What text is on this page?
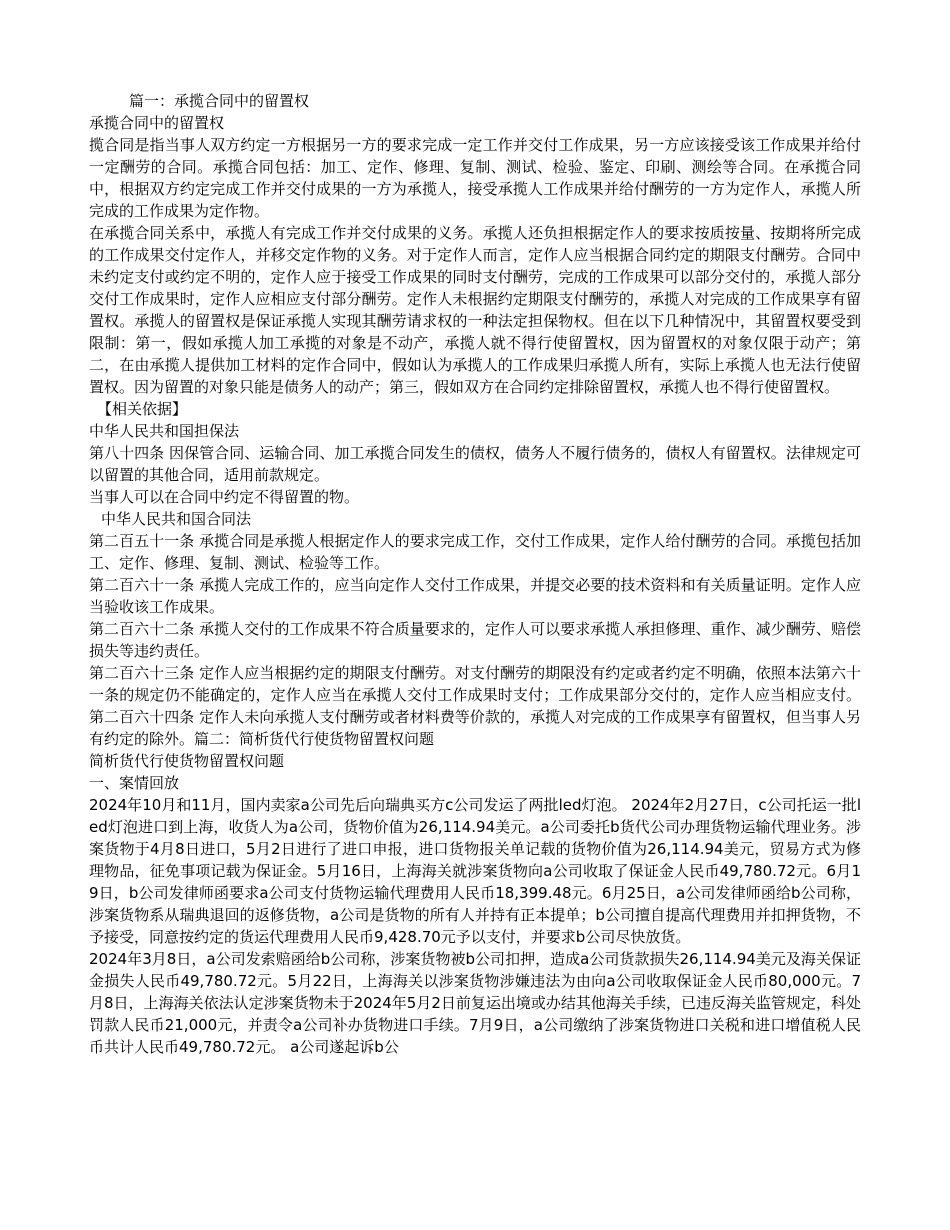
篇一：承揽合同中的留置权

承揽合同中的留置权

揽合同是指当事人双方约定一方根据另一方的要求完成一定工作并交付工作成果，另一方应该接受该工作成果并给付一定酬劳的合同。承揽合同包括：加工、定作、修理、复制、测试、检验、鉴定、印刷、测绘等合同。在承揽合同中，根据双方约定完成工作并交付成果的一方为承揽人，接受承揽人工作成果并给付酬劳的一方为定作人，承揽人所完成的工作成果为定作物。

在承揽合同关系中，承揽人有完成工作并交付成果的义务。承揽人还负担根据定作人的要求按质按量、按期将所完成的工作成果交付定作人，并移交定作物的义务。对于定作人而言，定作人应当根据合同约定的期限支付酬劳。合同中未约定支付或约定不明的，定作人应于接受工作成果的同时支付酬劳，完成的工作成果可以部分交付的，承揽人部分交付工作成果时，定作人应相应支付部分酬劳。定作人未根据约定期限支付酬劳的，承揽人对完成的工作成果享有留置权。承揽人的留置权是保证承揽人实现其酬劳请求权的一种法定担保物权。但在以下几种情况中，其留置权要受到限制：第一，假如承揽人加工承揽的对象是不动产，承揽人就不得行使留置权，因为留置权的对象仅限于动产；第二，在由承揽人提供加工材料的定作合同中，假如认为承揽人的工作成果归承揽人所有，实际上承揽人也无法行使留置权。因为留置的对象只能是债务人的动产；第三，假如双方在合同约定排除留置权，承揽人也不得行使留置权。

【相关依据】

中华人民共和国担保法

第八十四条 因保管合同、运输合同、加工承揽合同发生的债权，债务人不履行债务的，债权人有留置权。法律规定可以留置的其他合同，适用前款规定。

当事人可以在合同中约定不得留置的物。

中华人民共和国合同法

第二百五十一条 承揽合同是承揽人根据定作人的要求完成工作，交付工作成果，定作人给付酬劳的合同。承揽包括加工、定作、修理、复制、测试、检验等工作。

第二百六十一条 承揽人完成工作的，应当向定作人交付工作成果，并提交必要的技术资料和有关质量证明。定作人应当验收该工作成果。

第二百六十二条 承揽人交付的工作成果不符合质量要求的，定作人可以要求承揽人承担修理、重作、减少酬劳、赔偿损失等违约责任。

第二百六十三条 定作人应当根据约定的期限支付酬劳。对支付酬劳的期限没有约定或者约定不明确，依照本法第六十一条的规定仍不能确定的，定作人应当在承揽人交付工作成果时支付；工作成果部分交付的，定作人应当相应支付。第二百六十四条 定作人未向承揽人支付酬劳或者材料费等价款的，承揽人对完成的工作成果享有留置权，但当事人另有约定的除外。篇二：简析货代行使货物留置权问题

简析货代行使货物留置权问题

一、案情回放

2024年10月和11月，国内卖家a公司先后向瑞典买方c公司发运了两批led灯泡。 2024年2月27日，c公司托运一批led灯泡进口到上海，收货人为a公司，货物价值为26,114.94美元。a公司委托b货代公司办理货物运输代理业务。涉案货物于4月8日进口，5月2日进行了进口申报，进口货物报关单记载的货物价值为26,114.94美元，贸易方式为修理物品，征免事项记载为保证金。5月16日，上海海关就涉案货物向a公司收取了保证金人民币49,780.72元。6月19日，b公司发律师函要求a公司支付货物运输代理费用人民币18,399.48元。6月25日，a公司发律师函给b公司称，涉案货物系从瑞典退回的返修货物，a公司是货物的所有人并持有正本提单；b公司擅自提高代理费用并扣押货物，不予接受，同意按约定的货运代理费用人民币9,428.70元予以支付，并要求b公司尽快放货。

2024年3月8日，a公司发索赔函给b公司称，涉案货物被b公司扣押，造成a公司货款损失26,114.94美元及海关保证金损失人民币49,780.72元。5月22日，上海海关以涉案货物涉嫌违法为由向a公司收取保证金人民币80,000元。7月8日，上海海关依法认定涉案货物未于2024年5月2日前复运出境或办结其他海关手续，已违反海关监管规定，科处罚款人民币21,000元，并责令a公司补办货物进口手续。7月9日，a公司缴纳了涉案货物进口关税和进口增值税人民币共计人民币49,780.72元。 a公司遂起诉b公
